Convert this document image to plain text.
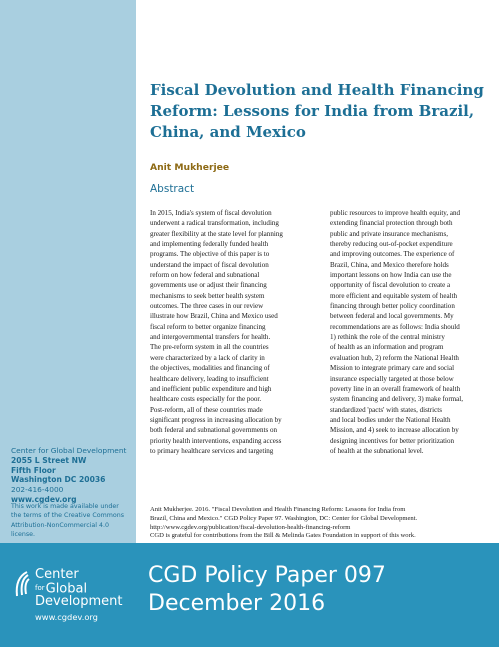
Center for Global Development
2055 L Street NW
Fifth Floor
Washington DC 20036
202-416-4000
www.cgdev.org
This work is made available under
the terms of the Creative Commons
Attribution-NonCommercial 4.0
license.
Fiscal Devolution and Health Financing Reform: Lessons for India from Brazil, China, and Mexico
Anit Mukherjee
Abstract
In 2015, India's system of fiscal devolution
underwent a radical transformation, including
greater flexibility at the state level for planning
and implementing federally funded health
programs. The objective of this paper is to
understand the impact of fiscal devolution
reform on how federal and subnational
governments use or adjust their financing
mechanisms to seek better health system
outcomes. The three cases in our review
illustrate how Brazil, China and Mexico used
fiscal reform to better organize financing
and intergovernmental transfers for health.
The pre-reform system in all the countries
were characterized by a lack of clarity in
the objectives, modalities and financing of
healthcare delivery, leading to insufficient
and inefficient public expenditure and high
healthcare costs especially for the poor.
Post-reform, all of these countries made
significant progress in increasing allocation by
both federal and subnational governments on
priority health interventions, expanding access
to primary healthcare services and targeting
public resources to improve health equity, and
extending financial protection through both
public and private insurance mechanisms,
thereby reducing out-of-pocket expenditure
and improving outcomes. The experience of
Brazil, China, and Mexico therefore holds
important lessons on how India can use the
opportunity of fiscal devolution to create a
more efficient and equitable system of health
financing through better policy coordination
between federal and local governments. My
recommendations are as follows: India should
1) rethink the role of the central ministry
of health as an information and program
evaluation hub, 2) reform the National Health
Mission to integrate primary care and social
insurance especially targeted at those below
poverty line in an overall framework of health
system financing and delivery, 3) make formal,
standardized 'pacts' with states, districts
and local bodies under the National Health
Mission, and 4) seek to increase allocation by
designing incentives for better prioritization
of health at the subnational level.
Anit Mukherjee. 2016. "Fiscal Devolution and Health Financing Reform: Lessons for India from
Brazil, China and Mexico." CGD Policy Paper 97. Washington, DC: Center for Global Development.
http://www.cgdev.org/publication/fiscal-devolution-health-financing-reform
CGD is grateful for contributions from the Bill & Melinda Gates Foundation in support of this work.
Center
forGlobal
Development
www.cgdev.org
CGD Policy Paper 097
December 2016
